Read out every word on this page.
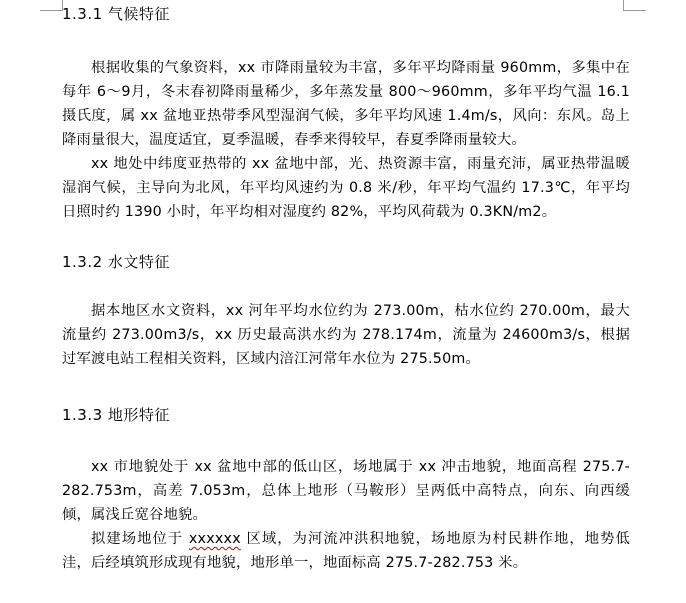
1.3.1 气候特征

根据收集的气象资料，xx 市降雨量较为丰富，多年平均降雨量 960mm，多集中在每年 6～9月，冬末春初降雨量稀少，多年蒸发量 800～960mm，多年平均气温 16.1摄氏度，属 xx 盆地亚热带季风型湿润气候，多年平均风速 1.4m/s，风向：东风。岛上降雨量很大，温度适宜，夏季温暖，春季来得较早，春夏季降雨量较大。

xx 地处中纬度亚热带的 xx 盆地中部，光、热资源丰富，雨量充沛，属亚热带温暖湿润气候，主导向为北风，年平均风速约为 0.8 米/秒，年平均气温约 17.3℃，年平均日照时约 1390 小时，年平均相对湿度约 82%，平均风荷载为 0.3KN/m2。

1.3.2 水文特征

据本地区水文资料，xx 河年平均水位约为 273.00m，枯水位约 270.00m，最大流量约 273.00m3/s，xx 历史最高洪水约为 278.174m，流量为 24600m3/s，根据过军渡电站工程相关资料，区域内涪江河常年水位为 275.50m。

1.3.3 地形特征

xx 市地貌处于 xx 盆地中部的低山区，场地属于 xx 冲击地貌，地面高程 275.7-282.753m，高差 7.053m，总体上地形（马鞍形）呈两低中高特点，向东、向西缓倾，属浅丘宽谷地貌。

拟建场地位于 xxxxxx 区域，为河流冲洪积地貌，场地原为村民耕作地，地势低洼，后经填筑形成现有地貌，地形单一，地面标高 275.7-282.753 米。
